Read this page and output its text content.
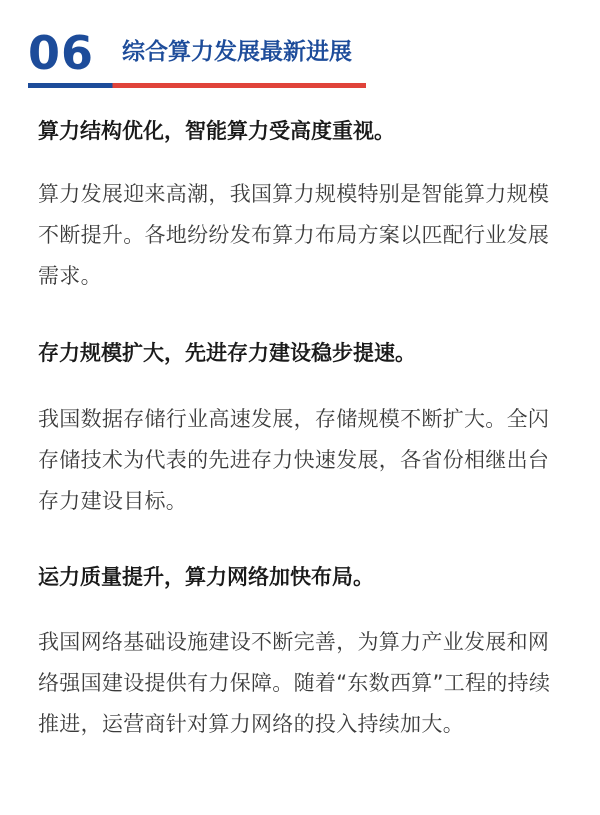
06 综合算力发展最新进展

算力结构优化，智能算力受高度重视。

算力发展迎来高潮，我国算力规模特别是智能算力规模不断提升。各地纷纷发布算力布局方案以匹配行业发展需求。

存力规模扩大，先进存力建设稳步提速。

我国数据存储行业高速发展，存储规模不断扩大。全闪存储技术为代表的先进存力快速发展，各省份相继出台存力建设目标。

运力质量提升，算力网络加快布局。

我国网络基础设施建设不断完善，为算力产业发展和网络强国建设提供有力保障。随着“东数西算”工程的持续推进，运营商针对算力网络的投入持续加大。
